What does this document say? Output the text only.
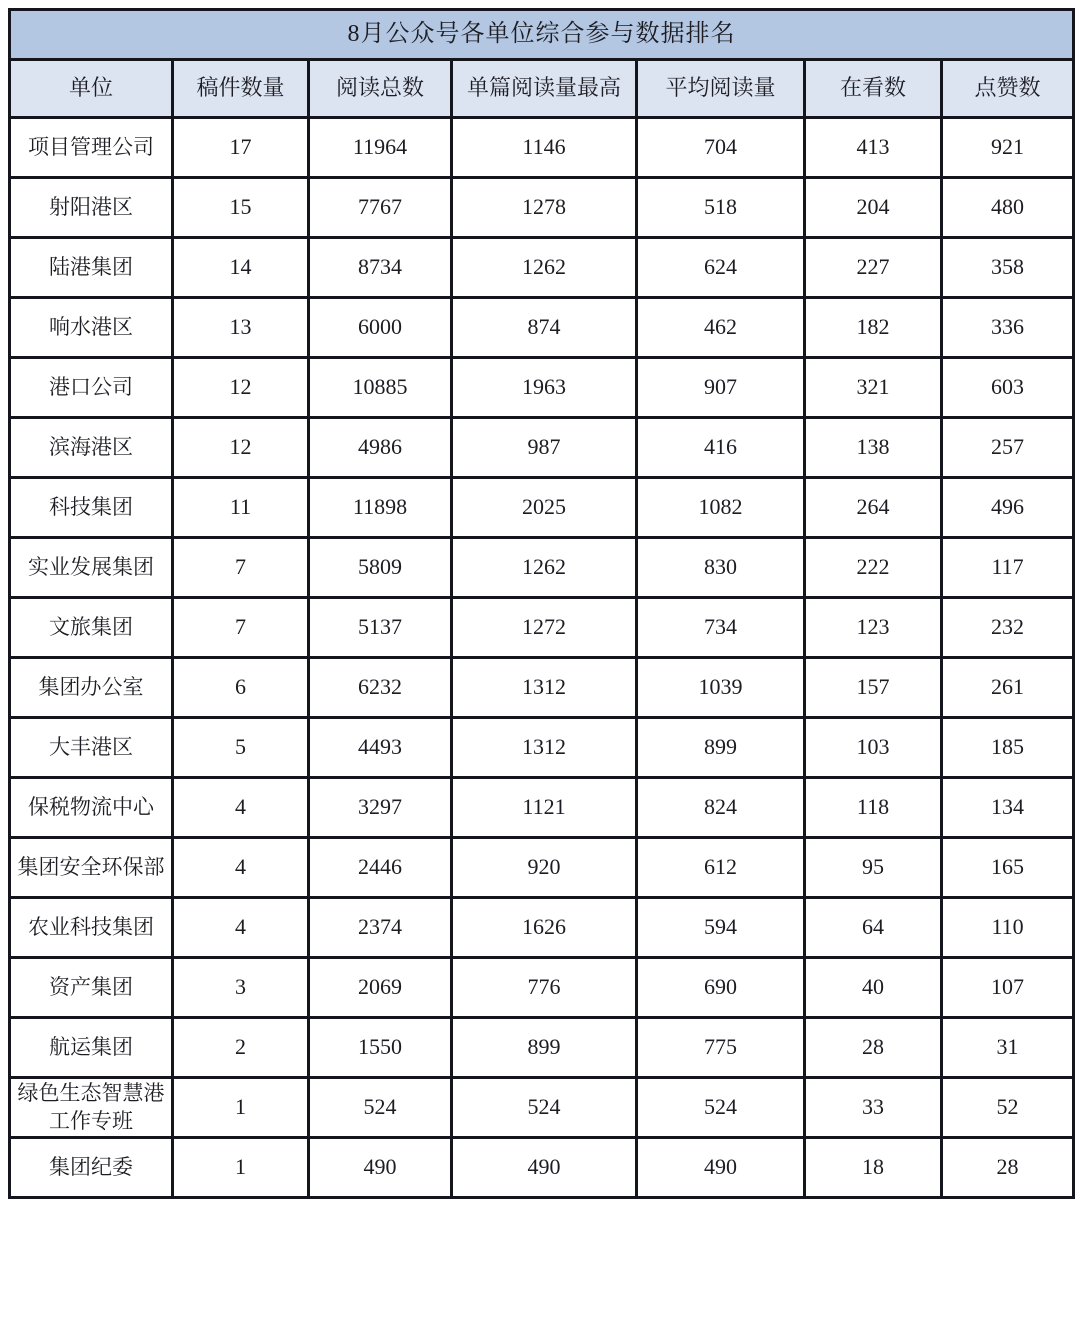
8月公众号各单位综合参与数据排名						
单位	稿件数量	阅读总数	单篇阅读量最高	平均阅读量	在看数	点赞数
项目管理公司	17	11964	1146	704	413	921
射阳港区	15	7767	1278	518	204	480
陆港集团	14	8734	1262	624	227	358
响水港区	13	6000	874	462	182	336
港口公司	12	10885	1963	907	321	603
滨海港区	12	4986	987	416	138	257
科技集团	11	11898	2025	1082	264	496
实业发展集团	7	5809	1262	830	222	117
文旅集团	7	5137	1272	734	123	232
集团办公室	6	6232	1312	1039	157	261
大丰港区	5	4493	1312	899	103	185
保税物流中心	4	3297	1121	824	118	134
集团安全环保部	4	2446	920	612	95	165
农业科技集团	4	2374	1626	594	64	110
资产集团	3	2069	776	690	40	107
航运集团	2	1550	899	775	28	31
绿色生态智慧港工作专班	1	524	524	524	33	52
集团纪委	1	490	490	490	18	28
